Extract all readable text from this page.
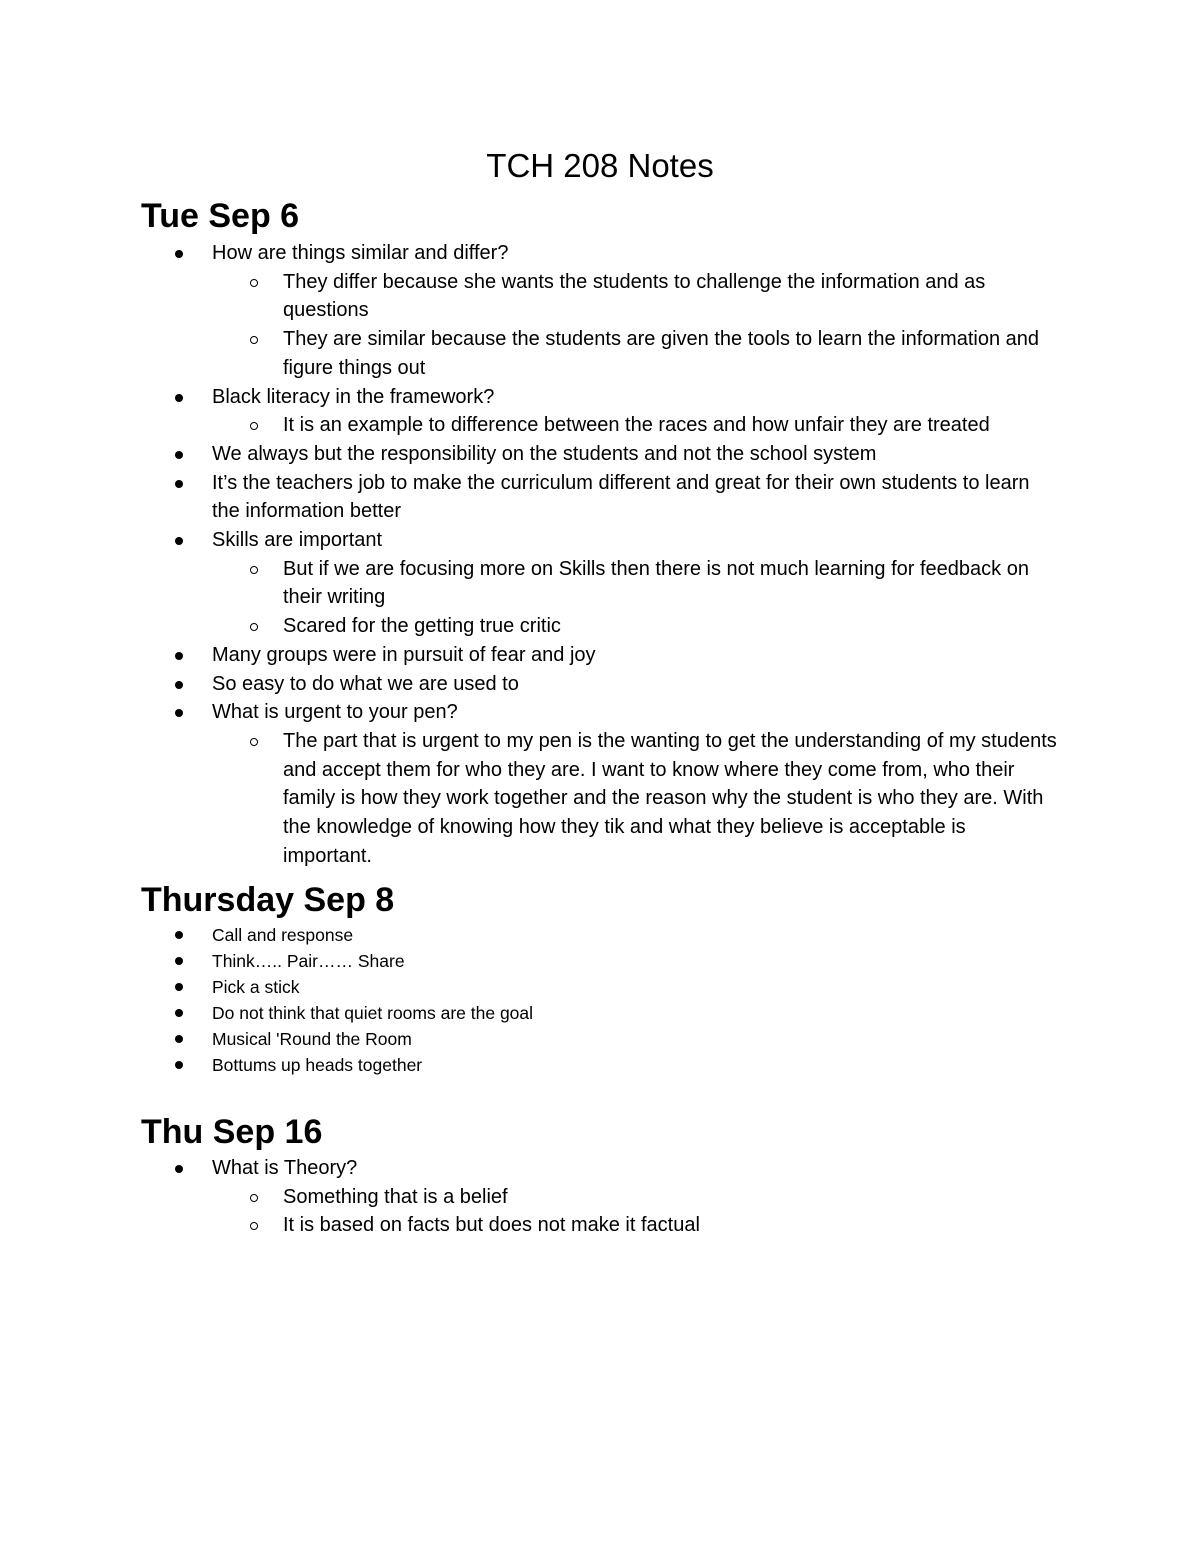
TCH 208 Notes
Tue Sep 6
How are things similar and differ?
They differ because she wants the students to challenge the information and as questions
They are similar because the students are given the tools to learn the information and figure things out
Black literacy in the framework?
It is an example to difference between the races and how unfair they are treated
We always but the responsibility on the students and not the school system
It’s the teachers job to make the curriculum different and great for their own students to learn the information better
Skills are important
But if we are focusing more on Skills then there is not much learning for feedback on their writing
Scared for the getting true critic
Many groups were in pursuit of fear and joy
So easy to do what we are used to
What is urgent to your pen?
The part that is urgent to my pen is the wanting to get the understanding of my students and accept them for who they are. I want to know where they come from, who their family is how they work together and the reason why the student is who they are. With the knowledge of knowing how they tik and what they believe is acceptable is important.
Thursday Sep 8
Call and response
Think….. Pair…… Share
Pick a stick
Do not think that quiet rooms are the goal
Musical 'Round the Room
Bottums up heads together
Thu Sep 16
What is Theory?
Something that is a belief
It is based on facts but does not make it factual
